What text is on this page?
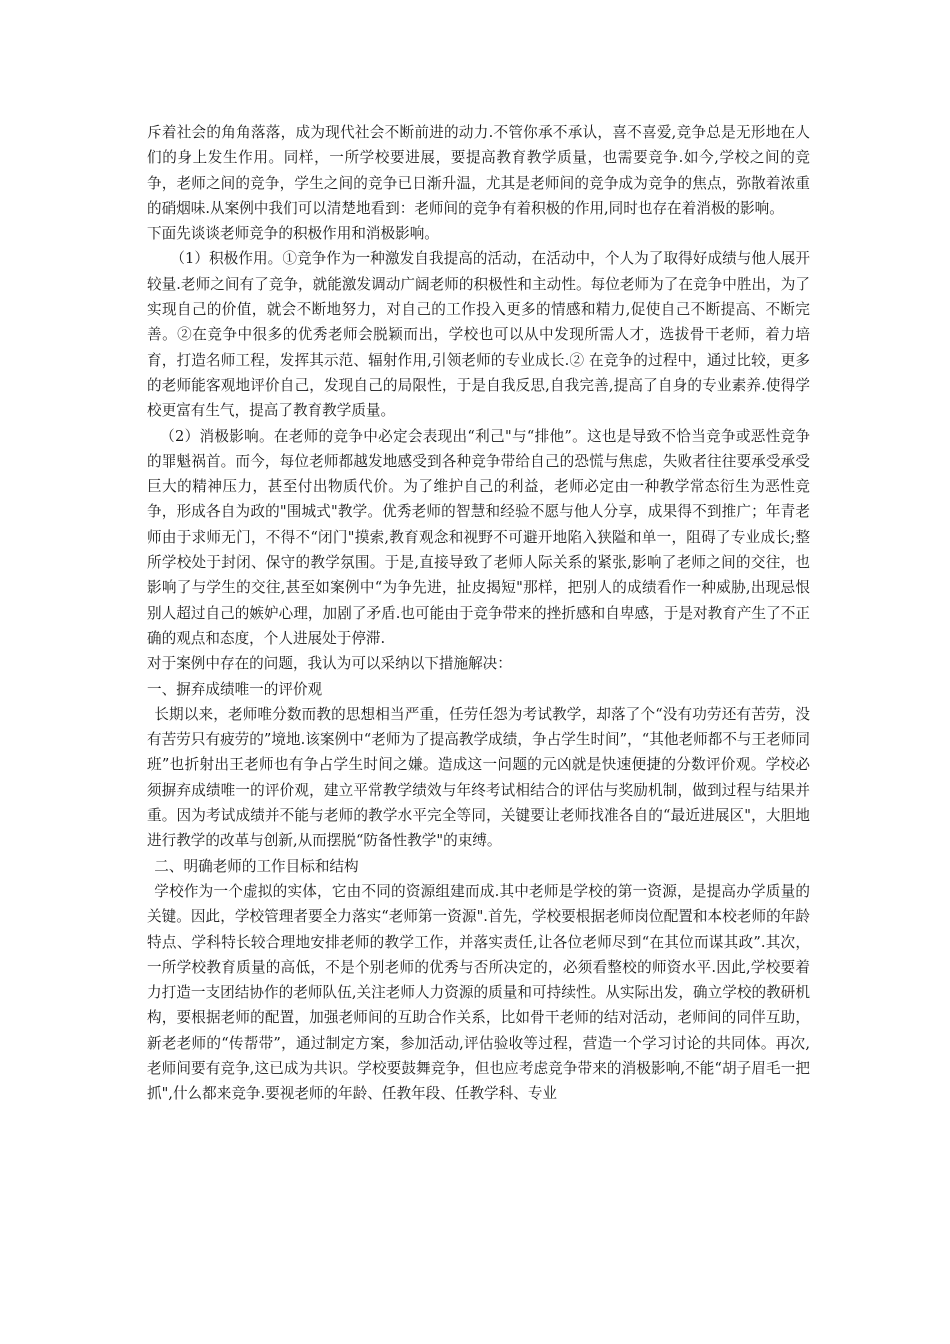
斥着社会的角角落落，成为现代社会不断前进的动力.不管你承不承认，喜不喜爱,竞争总是无形地在人们的身上发生作用。同样，一所学校要进展，要提高教育教学质量，也需要竞争.如今,学校之间的竞争，老师之间的竞争，学生之间的竞争已日渐升温，尤其是老师间的竞争成为竞争的焦点，弥散着浓重的硝烟味.从案例中我们可以清楚地看到：老师间的竞争有着积极的作用,同时也存在着消极的影响。

下面先谈谈老师竞争的积极作用和消极影响。

（1）积极作用。①竞争作为一种激发自我提高的活动，在活动中，个人为了取得好成绩与他人展开较量.老师之间有了竞争，就能激发调动广阔老师的积极性和主动性。每位老师为了在竞争中胜出，为了实现自己的价值，就会不断地努力，对自己的工作投入更多的情感和精力,促使自己不断提高、不断完善。②在竞争中很多的优秀老师会脱颖而出，学校也可以从中发现所需人才，选拔骨干老师，着力培育，打造名师工程，发挥其示范、辐射作用,引领老师的专业成长.② 在竞争的过程中，通过比较，更多的老师能客观地评价自己，发现自己的局限性，于是自我反思,自我完善,提高了自身的专业素养.使得学校更富有生气，提高了教育教学质量。

（2）消极影响。在老师的竞争中必定会表现出“利己"与“排他”。这也是导致不恰当竞争或恶性竞争的罪魁祸首。而今，每位老师都越发地感受到各种竞争带给自己的恐慌与焦虑，失败者往往要承受承受巨大的精神压力，甚至付出物质代价。为了维护自己的利益，老师必定由一种教学常态衍生为恶性竞争，形成各自为政的"围城式"教学。优秀老师的智慧和经验不愿与他人分享，成果得不到推广；年青老师由于求师无门，不得不“闭门"摸索,教育观念和视野不可避开地陷入狭隘和单一，阻碍了专业成长;整所学校处于封闭、保守的教学氛围。于是,直接导致了老师人际关系的紧张,影响了老师之间的交往，也影响了与学生的交往,甚至如案例中“为争先进，扯皮揭短"那样，把别人的成绩看作一种威胁,出现忌恨别人超过自己的嫉妒心理，加剧了矛盾.也可能由于竞争带来的挫折感和自卑感，于是对教育产生了不正确的观点和态度，个人进展处于停滞.

对于案例中存在的问题，我认为可以采纳以下措施解决：

一、摒弃成绩唯一的评价观

长期以来，老师唯分数而教的思想相当严重，任劳任怨为考试教学，却落了个“没有功劳还有苦劳，没有苦劳只有疲劳的”境地.该案例中“老师为了提高教学成绩，争占学生时间”，“其他老师都不与王老师同班”也折射出王老师也有争占学生时间之嫌。造成这一问题的元凶就是快速便捷的分数评价观。学校必须摒弃成绩唯一的评价观，建立平常教学绩效与年终考试相结合的评估与奖励机制，做到过程与结果并重。因为考试成绩并不能与老师的教学水平完全等同，关键要让老师找准各自的“最近进展区"，大胆地进行教学的改革与创新,从而摆脱“防备性教学"的束缚。

二、明确老师的工作目标和结构

学校作为一个虚拟的实体，它由不同的资源组建而成.其中老师是学校的第一资源，是提高办学质量的关键。因此，学校管理者要全力落实“老师第一资源".首先，学校要根据老师岗位配置和本校老师的年龄特点、学科特长较合理地安排老师的教学工作，并落实责任,让各位老师尽到“在其位而谋其政”.其次，一所学校教育质量的高低，不是个别老师的优秀与否所决定的，必须看整校的师资水平.因此,学校要着力打造一支团结协作的老师队伍,关注老师人力资源的质量和可持续性。从实际出发，确立学校的教研机构，要根据老师的配置，加强老师间的互助合作关系，比如骨干老师的结对活动，老师间的同伴互助，新老老师的“传帮带”，通过制定方案，参加活动,评估验收等过程，营造一个学习讨论的共同体。再次,老师间要有竞争,这已成为共识。学校要鼓舞竞争，但也应考虑竞争带来的消极影响,不能“胡子眉毛一把抓",什么都来竞争.要视老师的年龄、任教年段、任教学科、专业
